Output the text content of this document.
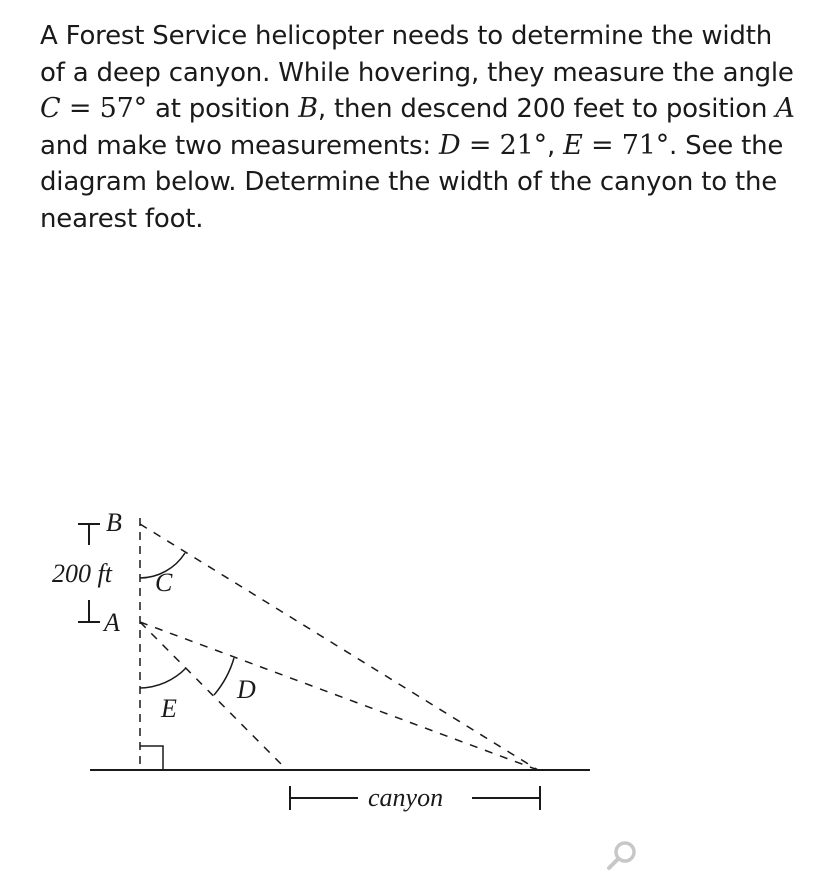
A Forest Service helicopter needs to determine the width of a deep canyon. While hovering, they measure the angle C = 57° at position B, then descend 200 feet to position A and make two measurements: D = 21°, E = 71°. See the diagram below. Determine the width of the canyon to the nearest foot.

B
A
200 ft C
D
E
canyon
